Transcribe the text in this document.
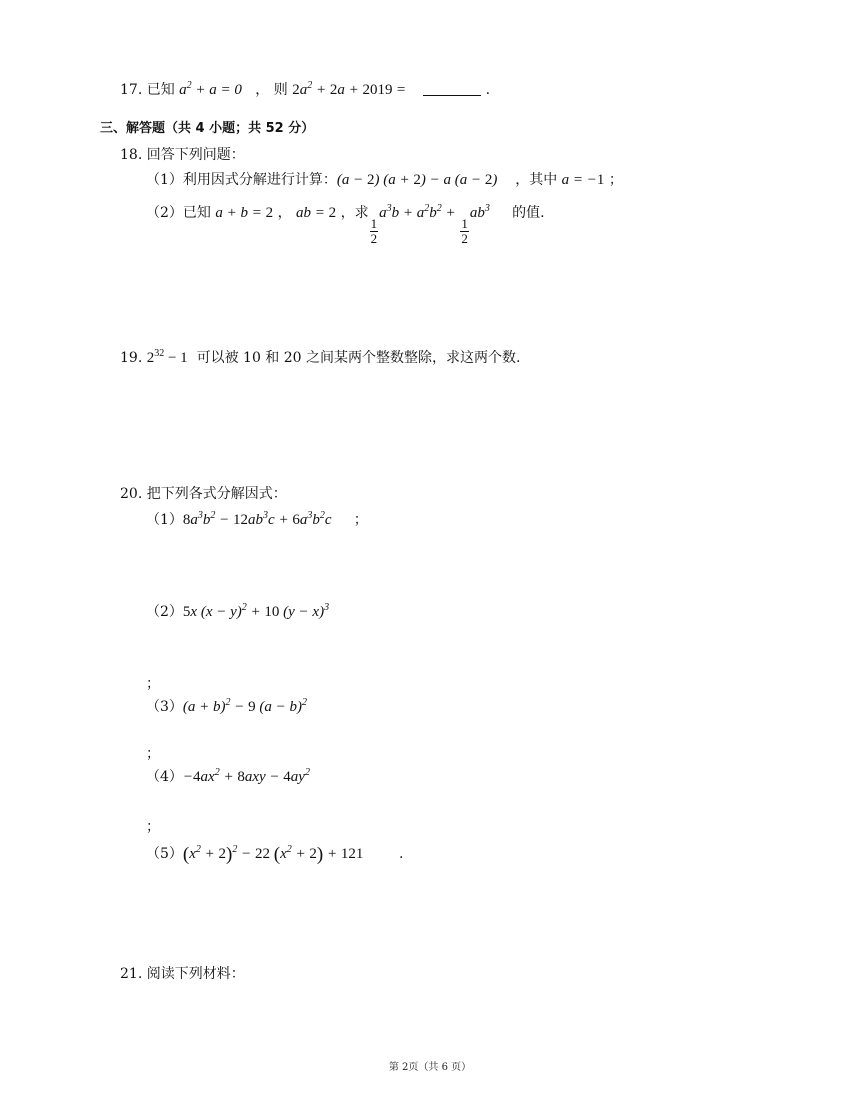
17. 已知 $a^2 + a = 0$ ， 则 $2a^2 + 2a + 2019$ =	.
三、解答题（共 4 小题；共 52 分）
18. 回答下列问题：
（1）利用因式分解进行计算：(a − 2) (a + 2) − a (a − 2) ，其中 a = −1 ；
（2）已知 a + b = 2 ， ab = 2 ，求
$\frac{1}{2}$
$a^3b + a^2b^2$ +
$\frac{1}{2}$
$ab^3$ 的值.
19. $2^{32} - 1$ 可以被 10 和 20 之间某两个整数整除，求这两个数.
20. 把下列各式分解因式：
$(1)8a^3b^2 - 12ab^3c + 6a^3b^2c$ ；
（2）5x $(x - y)^2 + 10$ $(y - x)^3$
；
$(3)(a + b)^2 - 9$ $(a - b)^2$
；
$(4)-4ax^2 + 8axy - 4ay^2$
；
$(5)(x^2 + 2)^2 - 22$ $(x^2 + 2) + 121$	.
21. 阅读下列材料：
第 2页（共 6 页）
